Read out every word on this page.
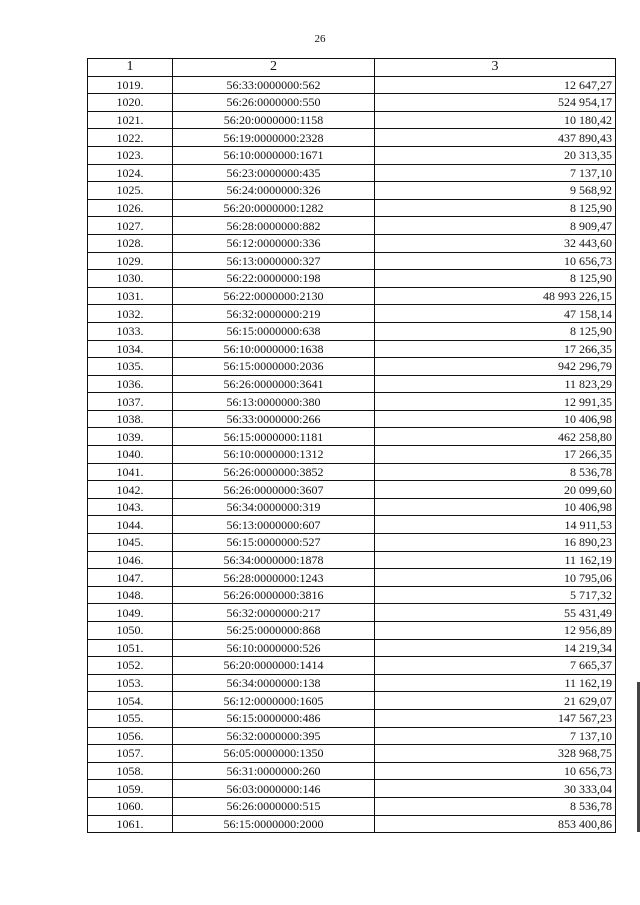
26
1	2	3
1019.	56:33:0000000:562	12 647,27
1020.	56:26:0000000:550	524 954,17
1021.	56:20:0000000:1158	10 180,42
1022.	56:19:0000000:2328	437 890,43
1023.	56:10:0000000:1671	20 313,35
1024.	56:23:0000000:435	7 137,10
1025.	56:24:0000000:326	9 568,92
1026.	56:20:0000000:1282	8 125,90
1027.	56:28:0000000:882	8 909,47
1028.	56:12:0000000:336	32 443,60
1029.	56:13:0000000:327	10 656,73
1030.	56:22:0000000:198	8 125,90
1031.	56:22:0000000:2130	48 993 226,15
1032.	56:32:0000000:219	47 158,14
1033.	56:15:0000000:638	8 125,90
1034.	56:10:0000000:1638	17 266,35
1035.	56:15:0000000:2036	942 296,79
1036.	56:26:0000000:3641	11 823,29
1037.	56:13:0000000:380	12 991,35
1038.	56:33:0000000:266	10 406,98
1039.	56:15:0000000:1181	462 258,80
1040.	56:10:0000000:1312	17 266,35
1041.	56:26:0000000:3852	8 536,78
1042.	56:26:0000000:3607	20 099,60
1043.	56:34:0000000:319	10 406,98
1044.	56:13:0000000:607	14 911,53
1045.	56:15:0000000:527	16 890,23
1046.	56:34:0000000:1878	11 162,19
1047.	56:28:0000000:1243	10 795,06
1048.	56:26:0000000:3816	5 717,32
1049.	56:32:0000000:217	55 431,49
1050.	56:25:0000000:868	12 956,89
1051.	56:10:0000000:526	14 219,34
1052.	56:20:0000000:1414	7 665,37
1053.	56:34:0000000:138	11 162,19
1054.	56:12:0000000:1605	21 629,07
1055.	56:15:0000000:486	147 567,23
1056.	56:32:0000000:395	7 137,10
1057.	56:05:0000000:1350	328 968,75
1058.	56:31:0000000:260	10 656,73
1059.	56:03:0000000:146	30 333,04
1060.	56:26:0000000:515	8 536,78
1061.	56:15:0000000:2000	853 400,86
